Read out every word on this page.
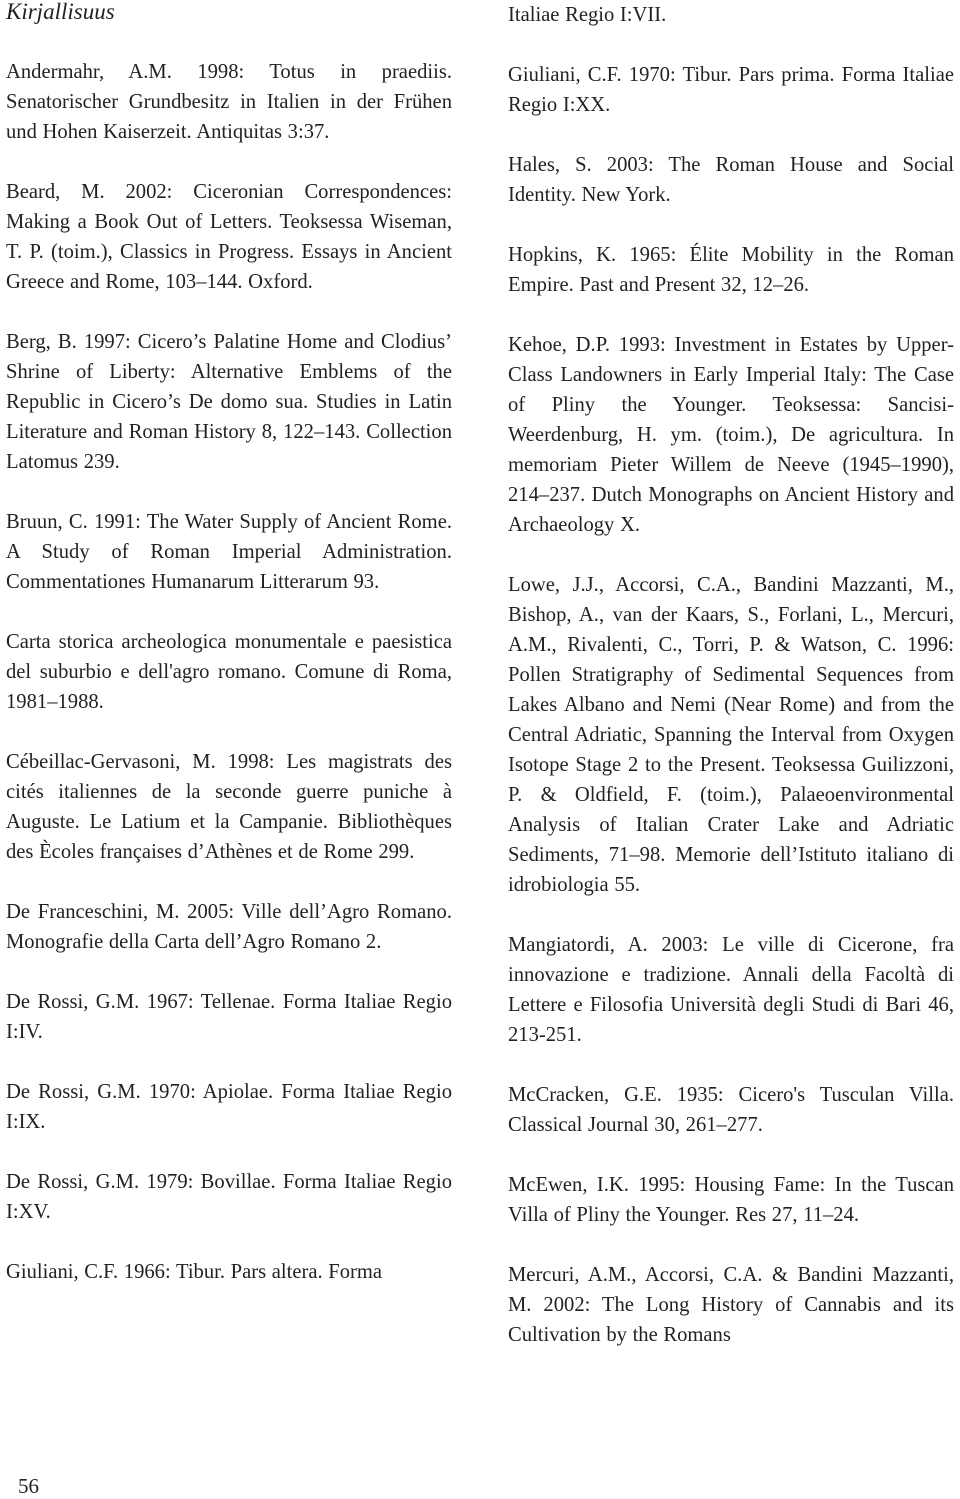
Kirjallisuus

Andermahr, A.M. 1998: Totus in praediis. Senatorischer Grundbesitz in Italien in der Frühen und Hohen Kaiserzeit. Antiquitas 3:37.

Beard, M. 2002: Ciceronian Correspondences: Making a Book Out of Letters. Teoksessa Wiseman, T. P. (toim.), Classics in Progress. Essays in Ancient Greece and Rome, 103–144. Oxford.

Berg, B. 1997: Cicero’s Palatine Home and Clodius’ Shrine of Liberty: Alternative Emblems of the Republic in Cicero’s De domo sua. Studies in Latin Literature and Roman History 8, 122–143. Collection Latomus 239.

Bruun, C. 1991: The Water Supply of Ancient Rome. A Study of Roman Imperial Administration. Commentationes Humanarum Litterarum 93.

Carta storica archeologica monumentale e paesistica del suburbio e dell'agro romano. Comune di Roma, 1981–1988.

Cébeillac-Gervasoni, M. 1998: Les magistrats des cités italiennes de la seconde guerre puniche à Auguste. Le Latium et la Campanie. Bibliothèques des Ècoles françaises d’Athènes et de Rome 299.

De Franceschini, M. 2005: Ville dell’Agro Romano. Monografie della Carta dell’Agro Romano 2.

De Rossi, G.M. 1967: Tellenae. Forma Italiae Regio I:IV.

De Rossi, G.M. 1970: Apiolae. Forma Italiae Regio I:IX.

De Rossi, G.M. 1979: Bovillae. Forma Italiae Regio I:XV.

Giuliani, C.F. 1966: Tibur. Pars altera. Forma

Italiae Regio I:VII.

Giuliani, C.F. 1970: Tibur. Pars prima. Forma Italiae Regio I:XX.

Hales, S. 2003: The Roman House and Social Identity. New York.

Hopkins, K. 1965: Élite Mobility in the Roman Empire. Past and Present 32, 12–26.

Kehoe, D.P. 1993: Investment in Estates by Upper-Class Landowners in Early Imperial Italy: The Case of Pliny the Younger. Teoksessa: Sancisi-Weerdenburg, H. ym. (toim.), De agricultura. In memoriam Pieter Willem de Neeve (1945–1990), 214–237. Dutch Monographs on Ancient History and Archaeology X.

Lowe, J.J., Accorsi, C.A., Bandini Mazzanti, M., Bishop, A., van der Kaars, S., Forlani, L., Mercuri, A.M., Rivalenti, C., Torri, P. & Watson, C. 1996: Pollen Stratigraphy of Sedimental Sequences from Lakes Albano and Nemi (Near Rome) and from the Central Adriatic, Spanning the Interval from Oxygen Isotope Stage 2 to the Present. Teoksessa Guilizzoni, P. & Oldfield, F. (toim.), Palaeoenvironmental Analysis of Italian Crater Lake and Adriatic Sediments, 71–98. Memorie dell’Istituto italiano di idrobiologia 55.

Mangiatordi, A. 2003: Le ville di Cicerone, fra innovazione e tradizione. Annali della Facoltà di Lettere e Filosofia Università degli Studi di Bari 46, 213-251.

McCracken, G.E. 1935: Cicero's Tusculan Villa. Classical Journal 30, 261–277.

McEwen, I.K. 1995: Housing Fame: In the Tuscan Villa of Pliny the Younger. Res 27, 11–24.

Mercuri, A.M., Accorsi, C.A. & Bandini Mazzanti, M. 2002: The Long History of Cannabis and its Cultivation by the Romans

56
